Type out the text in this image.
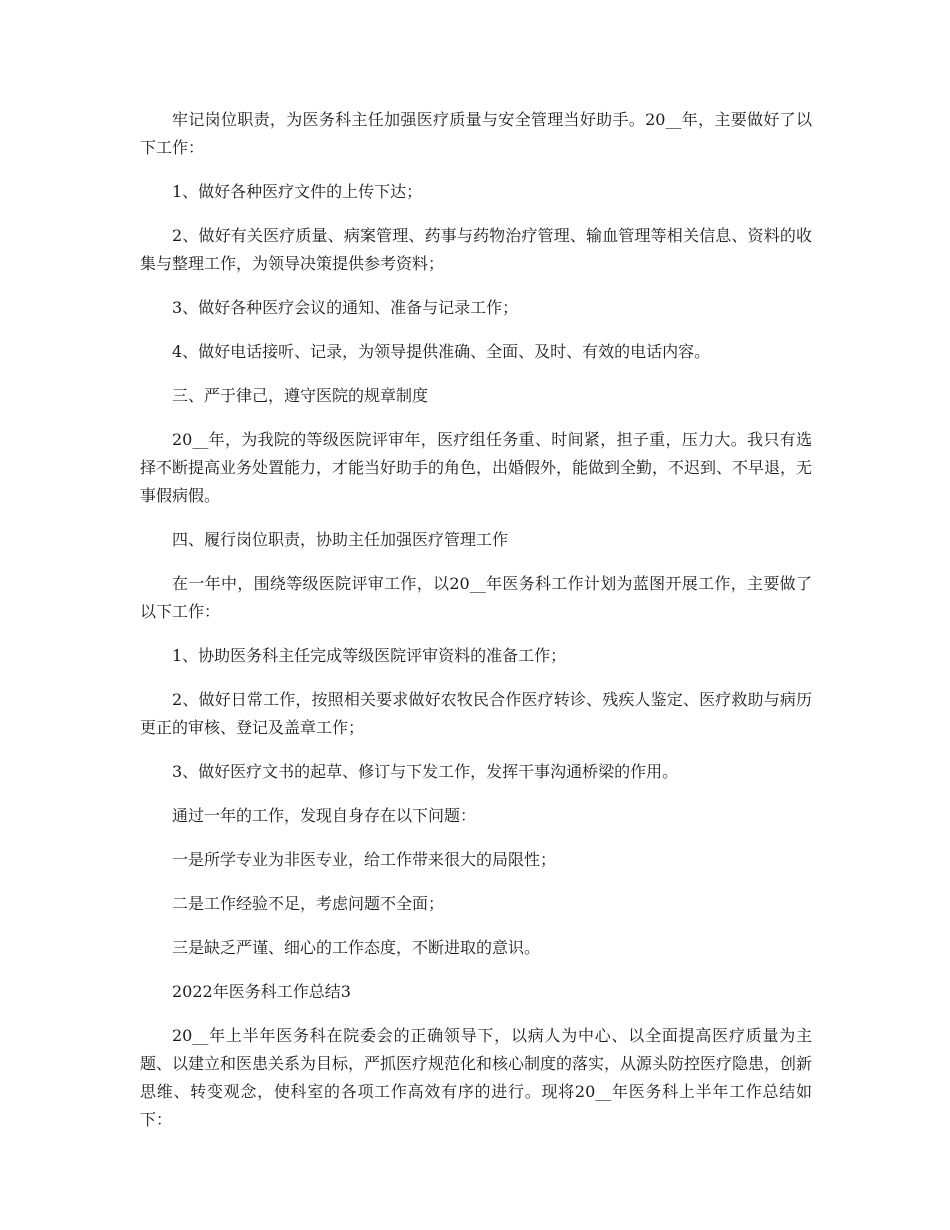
牢记岗位职责，为医务科主任加强医疗质量与安全管理当好助手。20__年，主要做好了以下工作：

1、做好各种医疗文件的上传下达；

2、做好有关医疗质量、病案管理、药事与药物治疗管理、输血管理等相关信息、资料的收集与整理工作，为领导决策提供参考资料；

3、做好各种医疗会议的通知、准备与记录工作；

4、做好电话接听、记录，为领导提供准确、全面、及时、有效的电话内容。

三、严于律己，遵守医院的规章制度

20__年，为我院的等级医院评审年，医疗组任务重、时间紧，担子重，压力大。我只有选择不断提高业务处置能力，才能当好助手的角色，出婚假外，能做到全勤，不迟到、不早退，无事假病假。

四、履行岗位职责，协助主任加强医疗管理工作

在一年中，围绕等级医院评审工作，以20__年医务科工作计划为蓝图开展工作，主要做了以下工作：

1、协助医务科主任完成等级医院评审资料的准备工作；

2、做好日常工作，按照相关要求做好农牧民合作医疗转诊、残疾人鉴定、医疗救助与病历更正的审核、登记及盖章工作；

3、做好医疗文书的起草、修订与下发工作，发挥干事沟通桥梁的作用。

通过一年的工作，发现自身存在以下问题：

一是所学专业为非医专业，给工作带来很大的局限性；

二是工作经验不足，考虑问题不全面；

三是缺乏严谨、细心的工作态度，不断进取的意识。

2022年医务科工作总结3

20__年上半年医务科在院委会的正确领导下，以病人为中心、以全面提高医疗质量为主题、以建立和医患关系为目标，严抓医疗规范化和核心制度的落实，从源头防控医疗隐患，创新思维、转变观念，使科室的各项工作高效有序的进行。现将20__年医务科上半年工作总结如下：
